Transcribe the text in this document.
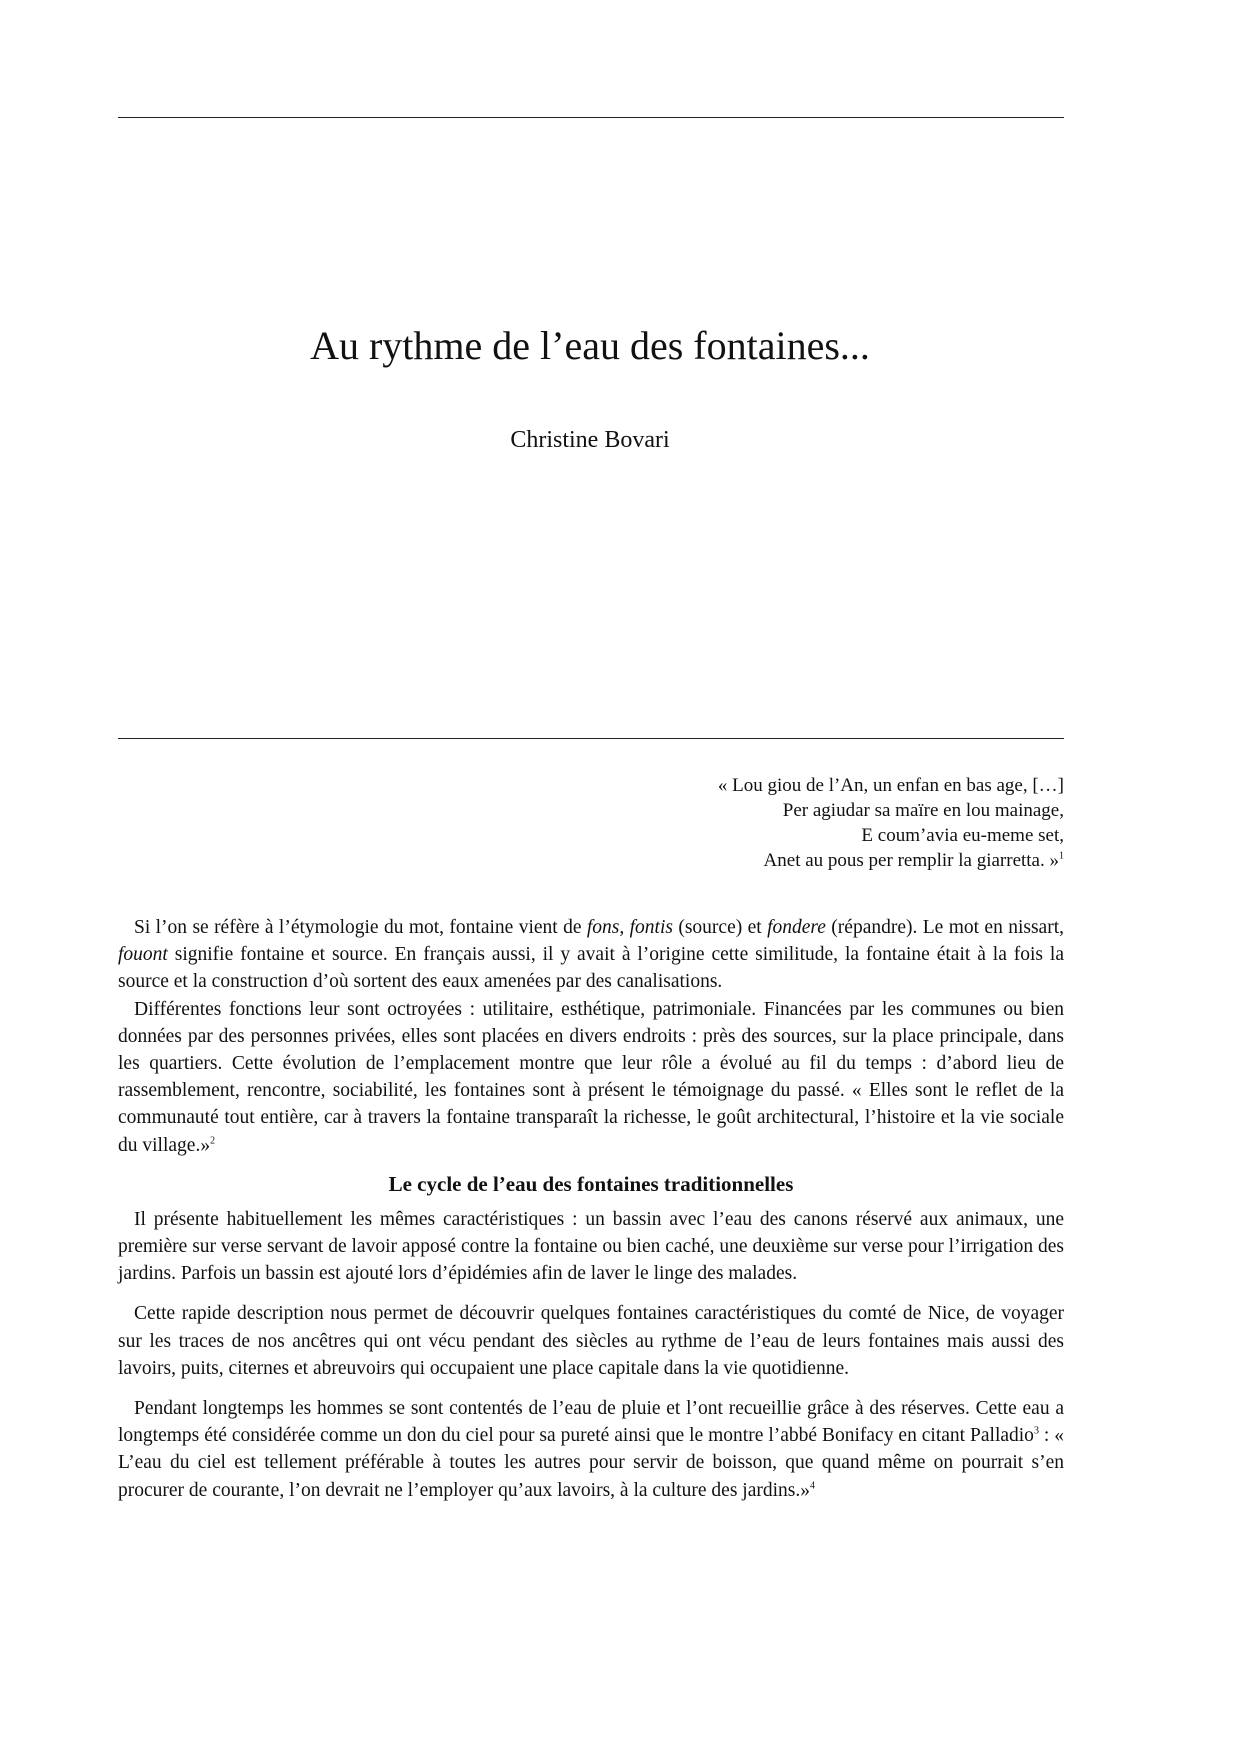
Au rythme de l’eau des fontaines...
Christine Bovari
« Lou giou de l’An, un enfan en bas age, […]
Per agiudar sa maïre en lou mainage,
E coum’avia eu-meme set,
Anet au pous per remplir la giarretta. »$^1$

Si l’on se réfère à l’étymologie du mot, fontaine vient de fons, fontis (source) et fondere (répandre). Le mot en nissart, fouont signifie fontaine et source. En français aussi, il y avait à l’origine cette similitude, la fontaine était à la fois la source et la construction d’où sortent des eaux amenées par des canalisations.

Différentes fonctions leur sont octroyées : utilitaire, esthétique, patrimoniale. Financées par les communes ou bien données par des personnes privées, elles sont placées en divers endroits : près des sources, sur la place principale, dans les quartiers. Cette évolution de l’emplacement montre que leur rôle a évolué au fil du temps : d’abord lieu de rassemblement, rencontre, sociabilité, les fontaines sont à présent le témoignage du passé. « Elles sont le reflet de la communauté tout entière, car à travers la fontaine transparaît la richesse, le goût architectural, l’histoire et la vie sociale du village.»$^2$

Le cycle de l’eau des fontaines traditionnelles

Il présente habituellement les mêmes caractéristiques : un bassin avec l’eau des canons réservé aux animaux, une première sur verse servant de lavoir apposé contre la fontaine ou bien caché, une deuxième sur verse pour l’irrigation des jardins. Parfois un bassin est ajouté lors d’épidémies afin de laver le linge des malades.

Cette rapide description nous permet de découvrir quelques fontaines caractéristiques du comté de Nice, de voyager sur les traces de nos ancêtres qui ont vécu pendant des siècles au rythme de l’eau de leurs fontaines mais aussi des lavoirs, puits, citernes et abreuvoirs qui occupaient une place capitale dans la vie quotidienne.

Pendant longtemps les hommes se sont contentés de l’eau de pluie et l’ont recueillie grâce à des réserves. Cette eau a longtemps été considérée comme un don du ciel pour sa pureté ainsi que le montre l’abbé Bonifacy en citant Palladio$^3$ : « L’eau du ciel est tellement préférable à toutes les autres pour servir de boisson, que quand même on pourrait s’en procurer de courante, l’on devrait ne l’employer qu’aux lavoirs, à la culture des jardins.»$^4$
